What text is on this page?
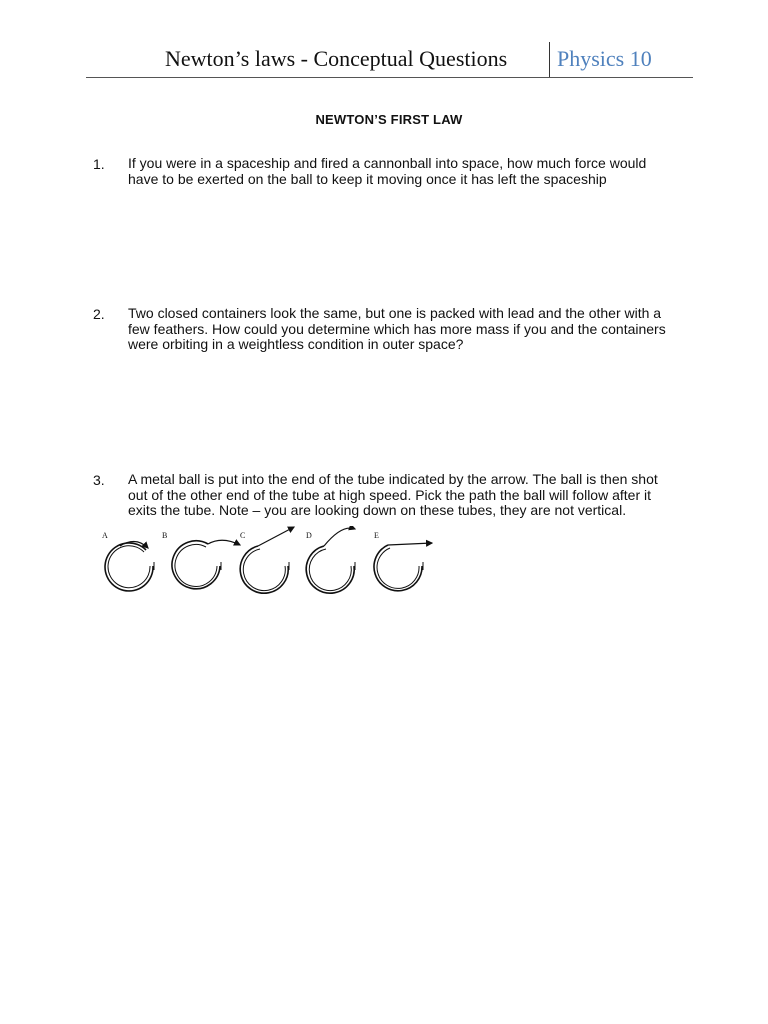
Newton’s laws - Conceptual Questions Physics 10
NEWTON’S FIRST LAW
1. If you were in a spaceship and fired a cannonball into space, how much force would
have to be exerted on the ball to keep it moving once it has left the spaceship
2. Two closed containers look the same, but one is packed with lead and the other with a
few feathers. How could you determine which has more mass if you and the containers
were orbiting in a weightless condition in outer space?
3. A metal ball is put into the end of the tube indicated by the arrow. The ball is then shot
out of the other end of the tube at high speed. Pick the path the ball will follow after it
exits the tube. Note – you are looking down on these tubes, they are not vertical.
A	B	C	D	E
